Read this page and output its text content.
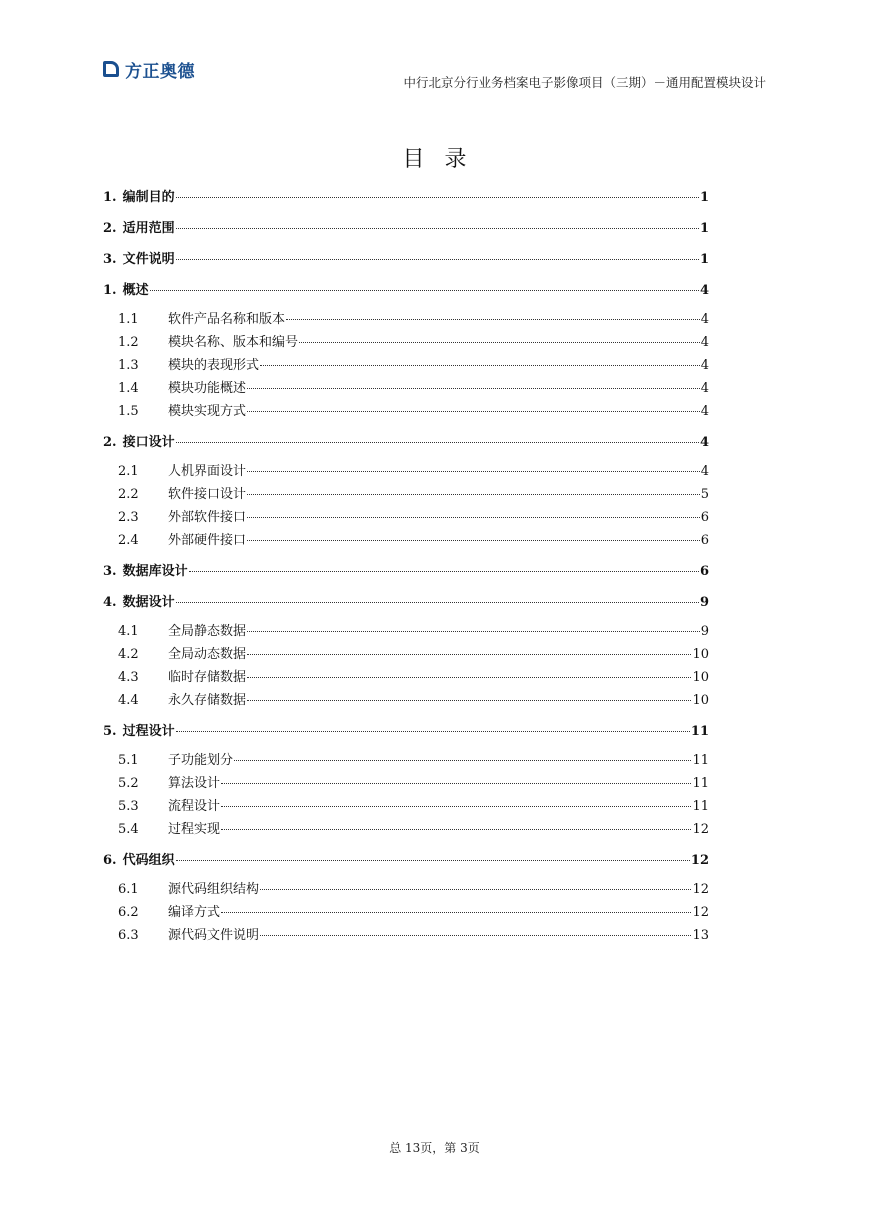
方正奥德
中行北京分行业务档案电子影像项目（三期）－通用配置模块设计
目录
1. 编制目的	1
2. 适用范围	1
3. 文件说明	1
1. 概述	4
1.1	软件产品名称和版本	4
1.2	模块名称、版本和编号	4
1.3	模块的表现形式	4
1.4	模块功能概述	4
1.5	模块实现方式	4
2. 接口设计	4
2.1	人机界面设计	4
2.2	软件接口设计	5
2.3	外部软件接口	6
2.4	外部硬件接口	6
3. 数据库设计	6
4. 数据设计	9
4.1	全局静态数据	9
4.2	全局动态数据	10
4.3	临时存储数据	10
4.4	永久存储数据	10
5. 过程设计	11
5.1	子功能划分	11
5.2	算法设计	11
5.3	流程设计	11
5.4	过程实现	12
6. 代码组织	12
6.1	源代码组织结构	12
6.2	编译方式	12
6.3	源代码文件说明	13
总 13页，第 3页
